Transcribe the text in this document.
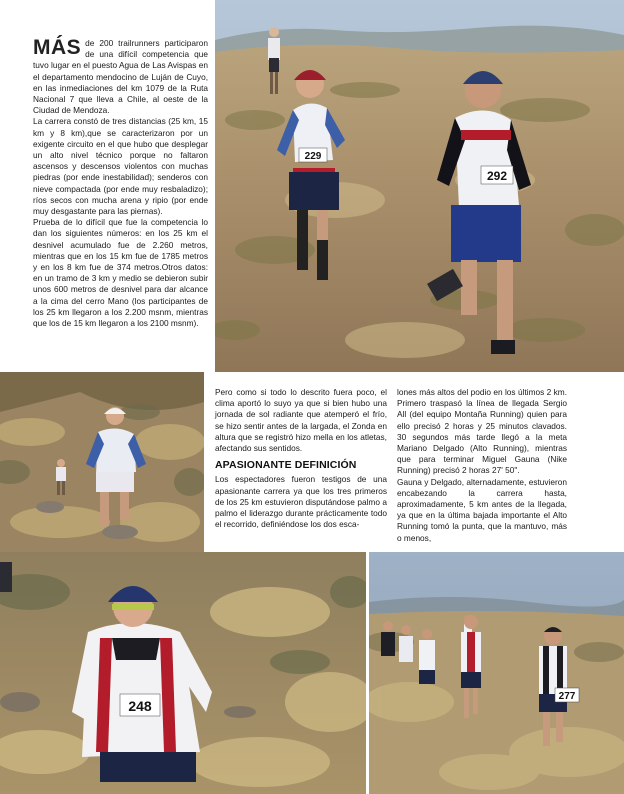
229
292

MÁS de 200 trailrunners participaron de una difícil competencia que tuvo lugar en el puesto Agua de Las Avispas en el departamento mendocino de Luján de Cuyo, en las inmediaciones del km 1079 de la Ruta Nacional 7 que lleva a Chile, al oeste de la Ciudad de Mendoza.

La carrera constó de tres distancias (25 km, 15 km y 8 km),que se caracterizaron por un exigente circuito en el que hubo que desplegar un alto nivel técnico porque no faltaron ascensos y descensos violentos con muchas piedras (por ende inestabilidad); senderos con nieve compactada (por ende muy resbaladizo); ríos secos con mucha arena y ripio (por ende muy desgastante para las piernas).

Prueba de lo difícil que fue la competencia lo dan los siguientes números: en los 25 km el desnivel acumulado fue de 2.260 metros, mientras que en los 15 km fue de 1785 metros y en los 8 km fue de 374 metros.Otros datos: en un tramo de 3 km y medio se debieron subir unos 600 metros de desnivel para dar alcance a la cima del cerro Mano (los participantes de los 25 km llegaron a los 2.200 msnm, mientras que los de 15 km llegaron a los 2100 msnm).

Pero como si todo lo descrito fuera poco, el clima aportó lo suyo ya que si bien hubo una jornada de sol radiante que atemperó el frío, se hizo sentir antes de la largada, el Zonda en altura que se registró hizo mella en los atletas, afectando sus sentidos.

APASIONANTE DEFINICIÓN

Los espectadores fueron testigos de una apasionante carrera ya que los tres primeros de los 25 km estuvieron disputándose palmo a palmo el liderazgo durante prácticamente todo el recorrido, definiéndose los dos esca-

lones más altos del podio en los últimos 2 km. Primero traspasó la línea de llegada Sergio All (del equipo Montaña Running) quien para ello precisó 2 horas y 25 minutos clavados. 30 segundos más tarde llegó a la meta Mariano Delgado (Alto Running), mientras que para terminar Miguel Gauna (Nike Running) precisó 2 horas 27' 50".

Gauna y Delgado, alternadamente, estuvieron encabezando la carrera hasta, aproximadamente, 5 km antes de la llegada, ya que en la última bajada importante el Alto Running tomó la punta, que la mantuvo, más o menos,

248
277
